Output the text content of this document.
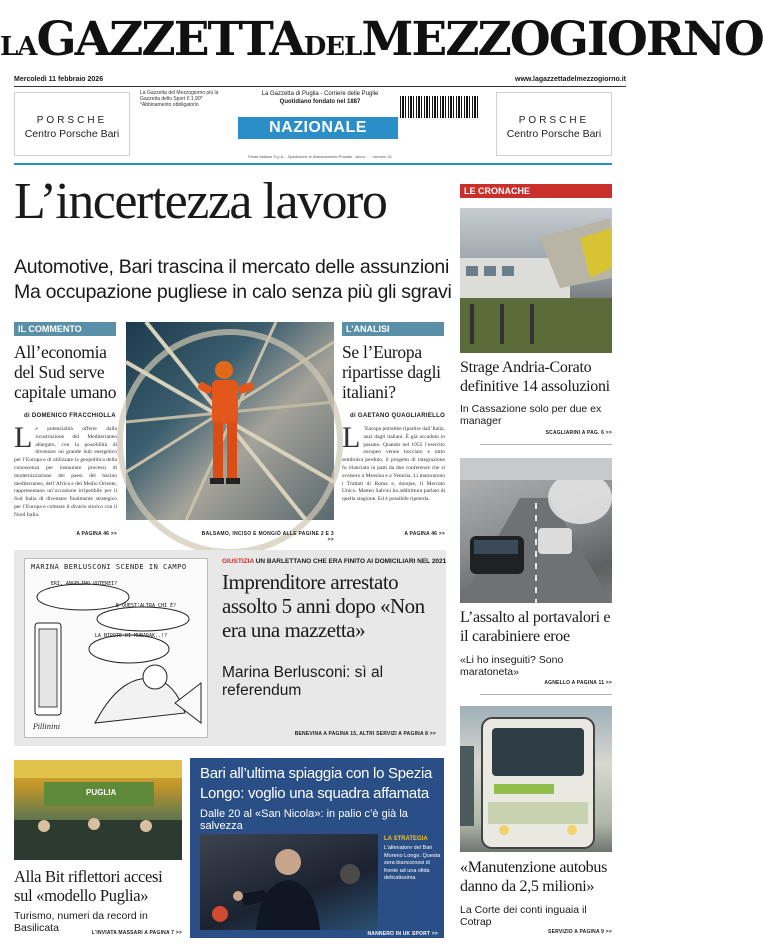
LAGAZZETTADELMEZZOGIORNO
Mercoledì 11 febbraio 2026	www.lagazzettadelmezzogiorno.it
PORSCHE
Centro Porsche Bari
PORSCHE
Centro Porsche Bari
La Gazzetta del Mezzogiorno più la Gazzetta dello Sport € 1,90*
*Abbinamento obbligatorio
La Gazzetta di Puglia - Corriere delle Puglie
Quotidiano fondato nel 1887
NAZIONALE
Poste Italiane S.p.A. - Spedizione in Abbonamento Postale - Anno ... - numero 41
L’incertezza lavoro
Automotive, Bari trascina il mercato delle assunzioni
Ma occupazione pugliese in calo senza più gli sgravi
IL COMMENTO
All’economia del Sud serve capitale umano
di DOMENICO FRACCHIOLLA
Le potenzialità offerte dalla ricostruzione del Mediterraneo allargato, con la possibilità di diventare un grande hub energetico per l’Europa e di utilizzare la geopolitica della conoscenza per instaurare processi di modernizzazione dei paesi del bacino mediterraneo, dell’Africa e del Medio Oriente, rappresentano un’occasione irripetibile per il Sud Italia di diventare finalmente strategico per l’Europa e colmare il divario storico con il Nord Italia.
A PAGINA 46 >>	BALSAMO, INCISO E MONGIÒ ALLE PAGINE 2 E 3 >>
L’ANALISI
Se l’Europa ripartisse dagli italiani?
di GAETANO QUAGLIARIELLO
L ’Europa potrebbe ripartire dall’Italia, anzi dagli italiani. È già accaduto in passato. Quando nel 1955 l’esercito europeo venne bocciato e tutto sembrava perduto, il progetto di integrazione fu rilanciato in patti da due conferenze che si svolsero a Messina e a Venezia. Li maturarono i Trattati di Roma e, dunque, il Mercato Unico. Matteo Salvini ha addirittura parlato di quella stagione. Ed è possibile ripeterla.
A PAGINA 46 >>
LE CRONACHE
Strage Andria-Corato definitive 14 assoluzioni
In Cassazione solo per due ex manager
SCAGLIARINI A PAG. 6 >>
L’assalto al portavalori e il carabiniere eroe
«Li ho inseguiti? Sono maratoneta»
AGNELLO A PAGINA 11 >>
«Manutenzione autobus danno da 2,5 milioni»
La Corte dei conti inguaia il Cotrap
SERVIZIO A PAGINA 9 >>
MARINA BERLUSCONI SCENDE IN CAMPO
ERI, ANGELINO VOTEREI?
E QUEST’ALTRA CHI È?
LA NIPOTE DI MUBARAK..!?
Pillinini
GIUSTIZIA UN BARLETTANO CHE ERA FINITO AI DOMICILIARI NEL 2021
Imprenditore arrestato assolto 5 anni dopo «Non era una mazzetta»
Marina Berlusconi: sì al referendum
BENEVINA A PAGINA 15, ALTRI SERVIZI A PAGINA 8 >>
PUGLIA
Alla Bit riflettori accesi sul «modello Puglia»
Turismo, numeri da record in Basilicata	L’INVIATA MASSARI A PAGINA 7 >>
Bari all’ultima spiaggia con lo Spezia Longo: voglio una squadra affamata
Dalle 20 al «San Nicola»: in palio c’è già la salvezza
LA STRATEGIA
L’allenatore del Bari Moreno Longo. Questa sera biancorossi di fronte ad una sfida delicatissima
NANNERO IN UK SPORT >>
